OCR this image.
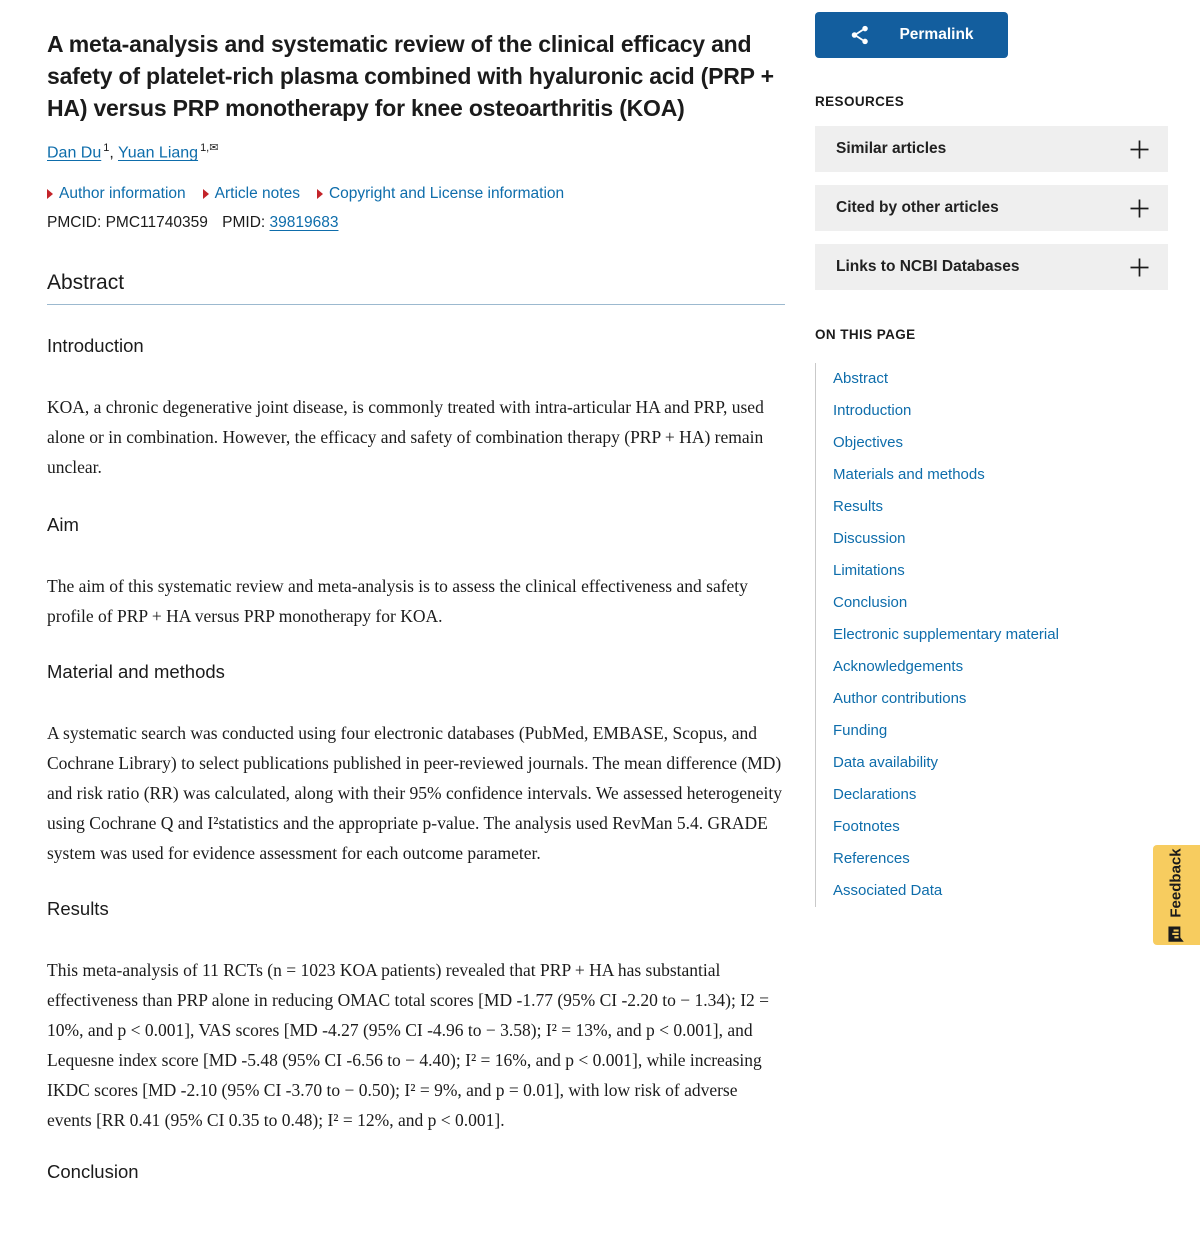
A meta-analysis and systematic review of the clinical efficacy and safety of platelet-rich plasma combined with hyaluronic acid (PRP + HA) versus PRP monotherapy for knee osteoarthritis (KOA)
Dan Du $^1$, Yuan Liang $^{1,✉}$
Author information Article notes Copyright and License information
PMCID: PMC11740359 PMID: 39819683
Abstract
Introduction

KOA, a chronic degenerative joint disease, is commonly treated with intra-articular HA and PRP, used alone or in combination. However, the efficacy and safety of combination therapy (PRP + HA) remain unclear.

Aim

The aim of this systematic review and meta-analysis is to assess the clinical effectiveness and safety profile of PRP + HA versus PRP monotherapy for KOA.

Material and methods

A systematic search was conducted using four electronic databases (PubMed, EMBASE, Scopus, and Cochrane Library) to select publications published in peer-reviewed journals. The mean difference (MD) and risk ratio (RR) was calculated, along with their 95% confidence intervals. We assessed heterogeneity using Cochrane Q and I²statistics and the appropriate p-value. The analysis used RevMan 5.4. GRADE system was used for evidence assessment for each outcome parameter.

Results

This meta-analysis of 11 RCTs (n = 1023 KOA patients) revealed that PRP + HA has substantial effectiveness than PRP alone in reducing OMAC total scores [MD -1.77 (95% CI -2.20 to − 1.34); I2 = 10%, and p < 0.001], VAS scores [MD -4.27 (95% CI -4.96 to − 3.58); I² = 13%, and p < 0.001], and Lequesne index score [MD -5.48 (95% CI -6.56 to − 4.40); I² = 16%, and p < 0.001], while increasing IKDC scores [MD -2.10 (95% CI -3.70 to − 0.50); I² = 9%, and p = 0.01], with low risk of adverse events [RR 0.41 (95% CI 0.35 to 0.48); I² = 12%, and p < 0.001].

Conclusion
Permalink
RESOURCES
Similar articles
Cited by other articles
Links to NCBI Databases
ON THIS PAGE
Abstract
Introduction
Objectives
Materials and methods
Results
Discussion
Limitations
Conclusion
Electronic supplementary material
Acknowledgements
Author contributions
Funding
Data availability
Declarations
Footnotes
References
Associated Data	Feedback
